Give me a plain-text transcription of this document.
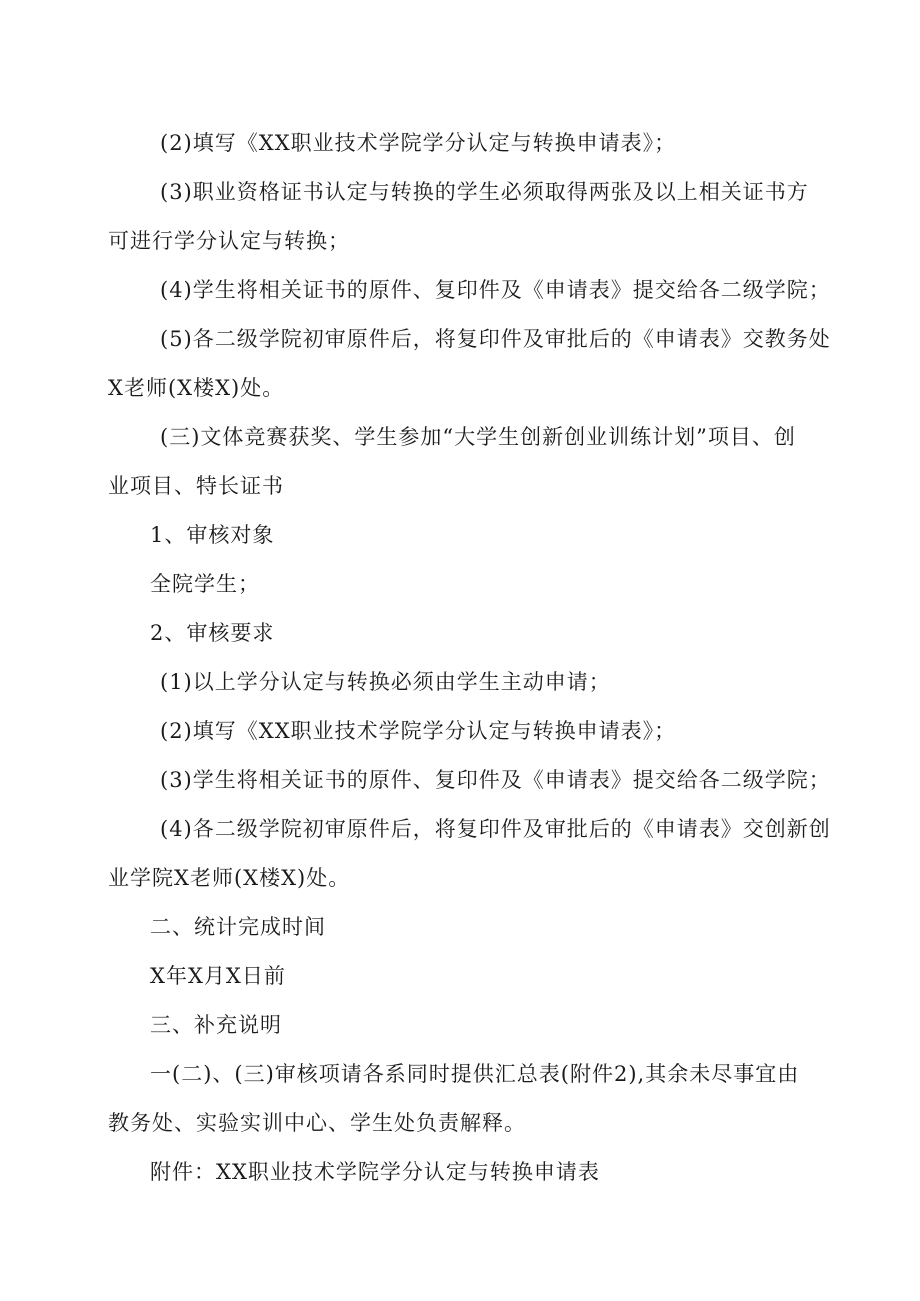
(2)填写《XX职业技术学院学分认定与转换申请表》；
(3)职业资格证书认定与转换的学生必须取得两张及以上相关证书方
可进行学分认定与转换；
(4)学生将相关证书的原件、复印件及《申请表》提交给各二级学院；
(5)各二级学院初审原件后，将复印件及审批后的《申请表》交教务处
X老师(X楼X)处。
(三)文体竞赛获奖、学生参加“大学生创新创业训练计划”项目、创
业项目、特长证书
1、审核对象
全院学生；
2、审核要求
(1)以上学分认定与转换必须由学生主动申请；
(2)填写《XX职业技术学院学分认定与转换申请表》；
(3)学生将相关证书的原件、复印件及《申请表》提交给各二级学院；
(4)各二级学院初审原件后，将复印件及审批后的《申请表》交创新创
业学院X老师(X楼X)处。
二、统计完成时间
X年X月X日前
三、补充说明
一(二)、(三)审核项请各系同时提供汇总表(附件2),其余未尽事宜由
教务处、实验实训中心、学生处负责解释。
附件：XX职业技术学院学分认定与转换申请表
